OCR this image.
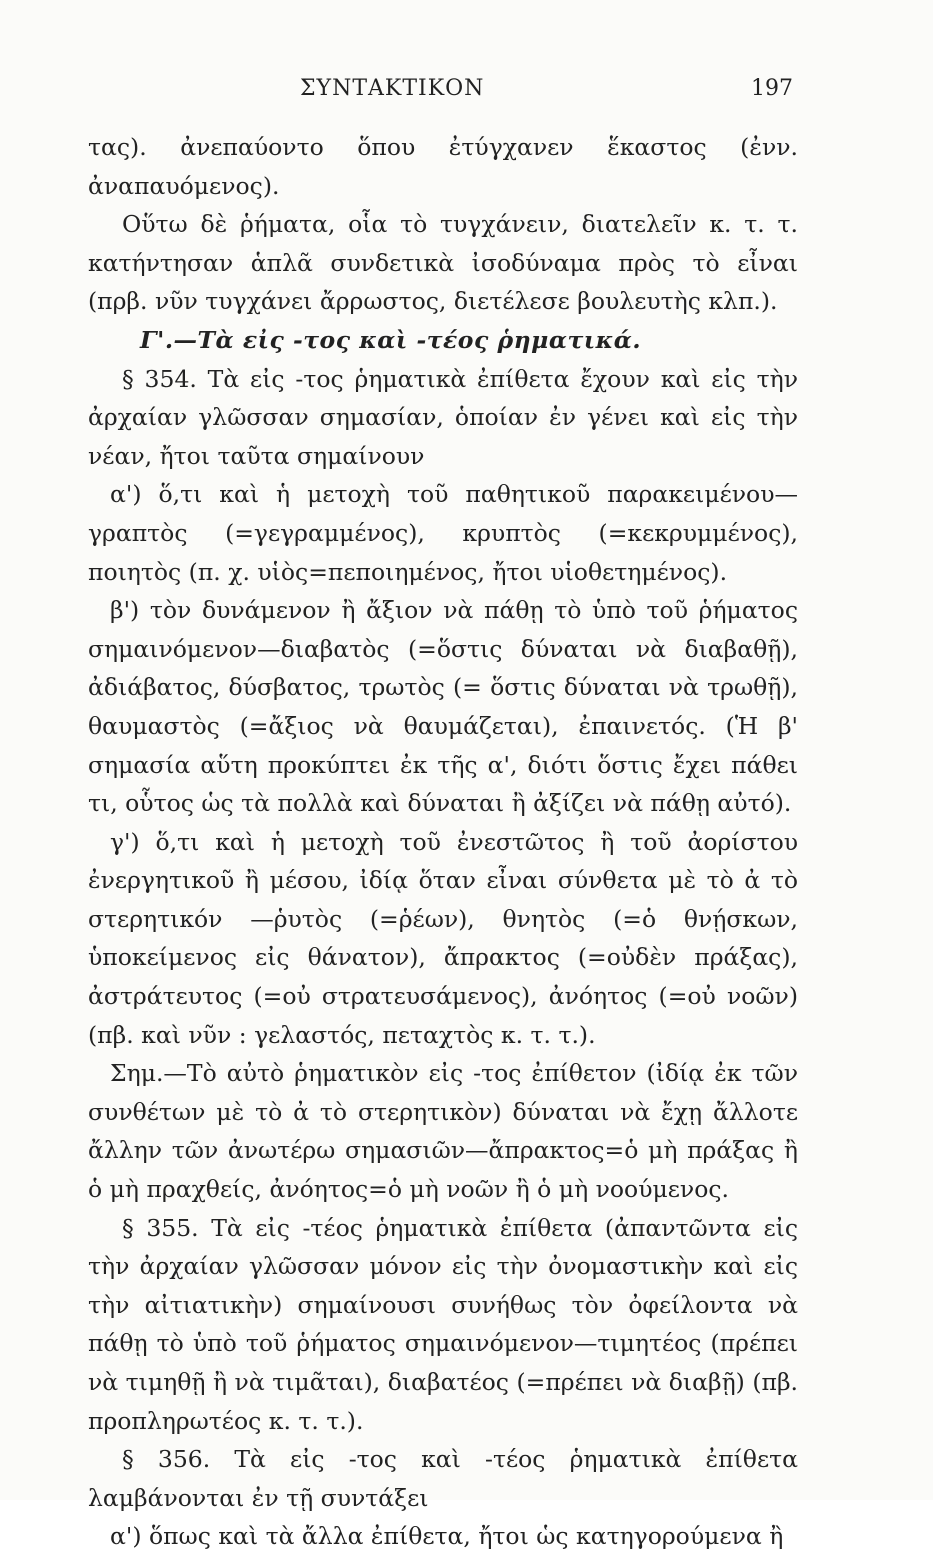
ΣΥΝΤΑΚΤΙΚΟΝ	197

τας). ἀνεπαύοντο ὅπου ἐτύγχανεν ἕκαστος (ἐνν. ἀναπαυόμενος).

Οὕτω δὲ ῥήματα, οἷα τὸ τυγχάνειν, διατελεῖν κ. τ. τ. κατήντησαν ἁπλᾶ συνδετικὰ ἰσοδύναμα πρὸς τὸ εἶναι (πρβ. νῦν τυγχάνει ἄρρωστος, διετέλεσε βουλευτὴς κλπ.).

Γ'.—Τὰ εἰς -τος καὶ -τέος ῥηματικά.

§ 354. Τὰ εἰς -τος ῥηματικὰ ἐπίθετα ἔχουν καὶ εἰς τὴν ἀρχαίαν γλῶσσαν σημασίαν, ὁποίαν ἐν γένει καὶ εἰς τὴν νέαν, ἤτοι ταῦτα σημαίνουν

α') ὅ,τι καὶ ἡ μετοχὴ τοῦ παθητικοῦ παρακειμένου—γραπτὸς (=γεγραμμένος), κρυπτὸς (=κεκρυμμένος), ποιητὸς (π. χ. υἱὸς=πεποιημένος, ἤτοι υἱοθετημένος).

β') τὸν δυνάμενον ἢ ἄξιον νὰ πάθῃ τὸ ὑπὸ τοῦ ῥήματος σημαινόμενον—διαβατὸς (=ὅστις δύναται νὰ διαβαθῇ), ἀδιάβατος, δύσβατος, τρωτὸς (= ὅστις δύναται νὰ τρωθῇ), θαυμαστὸς (=ἄξιος νὰ θαυμάζεται), ἐπαινετός. (Ἡ β' σημασία αὕτη προκύπτει ἐκ τῆς α', διότι ὅστις ἔχει πάθει τι, οὗτος ὡς τὰ πολλὰ καὶ δύναται ἢ ἀξίζει νὰ πάθῃ αὐτό).

γ') ὅ,τι καὶ ἡ μετοχὴ τοῦ ἐνεστῶτος ἢ τοῦ ἀορίστου ἐνεργητικοῦ ἢ μέσου, ἰδίᾳ ὅταν εἶναι σύνθετα μὲ τὸ ἀ τὸ στερητικόν —ῥυτὸς (=ῥέων), θνητὸς (=ὁ θνῄσκων, ὑποκείμενος εἰς θάνατον), ἄπρακτος (=οὐδὲν πράξας), ἀστράτευτος (=οὐ στρατευσάμενος), ἀνόητος (=οὐ νοῶν) (πβ. καὶ νῦν : γελαστός, πεταχτὸς κ. τ. τ.).

Σημ.—Τὸ αὐτὸ ῥηματικὸν εἰς -τος ἐπίθετον (ἰδίᾳ ἐκ τῶν συνθέτων μὲ τὸ ἀ τὸ στερητικὸν) δύναται νὰ ἔχῃ ἄλλοτε ἄλλην τῶν ἀνωτέρω σημασιῶν—ἄπρακτος=ὁ μὴ πράξας ἢ ὁ μὴ πραχθείς, ἀνόητος=ὁ μὴ νοῶν ἢ ὁ μὴ νοούμενος.

§ 355. Τὰ εἰς -τέος ῥηματικὰ ἐπίθετα (ἀπαντῶντα εἰς τὴν ἀρχαίαν γλῶσσαν μόνον εἰς τὴν ὀνομαστικὴν καὶ εἰς τὴν αἰτιατικὴν) σημαίνουσι συνήθως τὸν ὀφείλοντα νὰ πάθῃ τὸ ὑπὸ τοῦ ῥήματος σημαινόμενον—τιμητέος (πρέπει νὰ τιμηθῇ ἢ νὰ τιμᾶται), διαβατέος (=πρέπει νὰ διαβῇ) (πβ. προπληρωτέος κ. τ. τ.).

§ 356. Τὰ εἰς -τος καὶ -τέος ῥηματικὰ ἐπίθετα λαμβάνονται ἐν τῇ συντάξει

α') ὅπως καὶ τὰ ἄλλα ἐπίθετα, ἤτοι ὡς κατηγορούμενα ἢ
